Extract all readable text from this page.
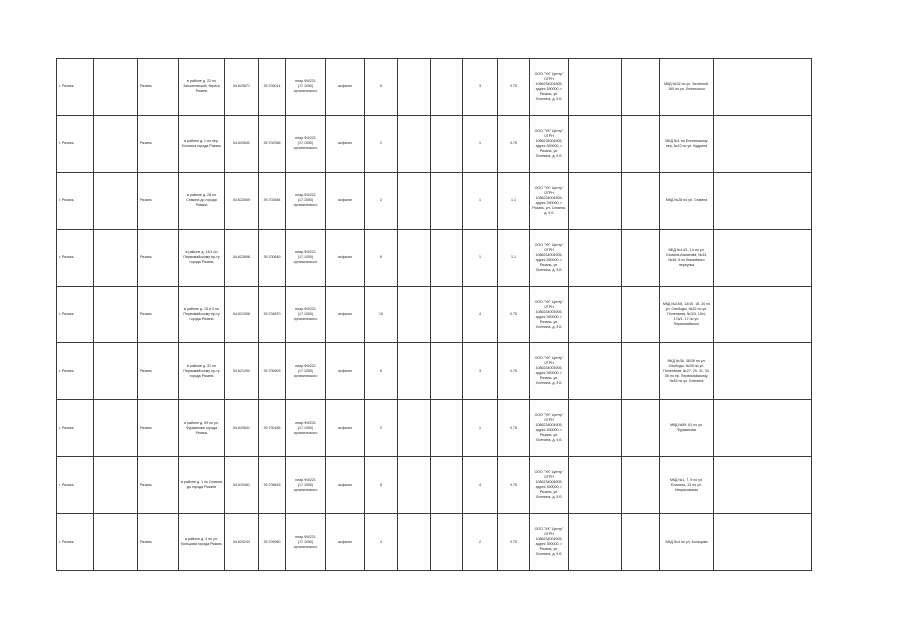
г. Рязань		Рязань	в районе д. 22 по Заочиновской, берега Рязань	54.620871	39.709014	neap.Ф4/221 (17.1050) органического	асфальт	6			3	0.75	ООО "УК" Центр" ОГРН 1086234004905, адрес 390000, г. Рязань, ул. Есенина, д. 5 Б			МКД №32 по ул. Затинной, 160 по ул. Ленинского	
г. Рязань		Рязань	в районе д. 1 по пер. Есенина города Рязань	54.620642	39.702356	neap.Ф4/221 (17.1050) органического	асфальт	2			1	0.75	ООО "УК" Центр" ОГРН 1086234004905, адрес 390000, г. Рязань, ул. Есенина, д. 5 Б			МКД №1 по Есенинскому пер, №10 по ул. Кудрина	
г. Рязань		Рязань	в районе д. 28 по Семина до города Рязани	54.622659	39.702584	neap.Ф4/221 (17.1050) органического	асфальт	2			1	1.1	ООО "УК" Центр" ОГРН 1086234004905, адрес 390000, г. Рязань, ул. Семина, д. 5 Б			МКД №28 по ул. Семина	
г. Рязань		Рязань	в районе д. 14/1 по Первомайскому пр-ту города Рязань	54.623698	39.700649	neap.Ф4/221 (17.1050) органического	асфальт	6			1	1.1	ООО "УК" Центр" ОГРН 1086234004905, адрес 390000, г. Рязань, ул. Есенина, д. 5 Б			МКД №14/1, 14 по ул. Семина-Ахматова, №43, №45, 5 по Вишнёвого переулка	
г. Рязань		Рязань	в районе д. 15 и 3 по Первомайскому пр-ту города Рязань	54.621006	39.704870	neap.Ф4/221 (17.1050) органического	асфальт	10			4	0.75	ООО "УК" Центр" ОГРН 1086234004905, адрес 390000, г. Рязань, ул. Есенина, д. 5 Б			МКД №24/6, 14/10, 18, 20 по ул. Свободы, №52 по ул. Полетаева, №3/3, 15/4, 17а/1, 17 по ул. Первомайского	
г. Рязань		Рязань	в районе д. 31 по Первомайскому пр-ту города Рязань	54.621290	39.706909	neap.Ф4/221 (17.1050) органического	асфальт	6			3	0.75	ООО "УК" Центр" ОГРН 1086234004905, адрес 390000, г. Рязань, ул. Есенина, д. 5 Б			МКД №36, 36/38 по ул. Свободы, №28 по ул. Полетаева, №27, 29, 31, 33, 35 по пр. Первомайскому, №45 по ул. Есенина	
г. Рязань		Рязань	в районе д. 59 по ул. Фурманова города Рязань	54.620641	39.700185	neap.Ф4/221 (17.1050) органического	асфальт	2			1	0.75	ООО "УК" Центр" ОГРН 1086234004905, адрес 390000, г. Рязань, ул. Есенина, д. 5 Б			МКД №59, 61 по ул. Фурманова	
г. Рязань		Рязань	в районе д. 1 по Семина до города Рязани	54.619461	39.708618	neap.Ф4/221 (17.1050) органического	асфальт	8			4	0.75	ООО "УК" Центр" ОГРН 1086234004905, адрес 390000, г. Рязань, ул. Есенина, д. 5 Б			МКД №1, 7, 9 по ул. Есенина, 13 по ул. Некрасовская	
г. Рязань		Рязань	в районе д. 4 по ул. Кольцова города Рязань	54.620243	39.709950	neap.Ф4/221 (17.1050) органического	асфальт	4			2	0.75	ООО "УК" Центр" ОГРН 1086234004905, адрес 390000, г. Рязань, ул. Есенина, д. 5 Б			МКД №4 по ул. Кольцова	
